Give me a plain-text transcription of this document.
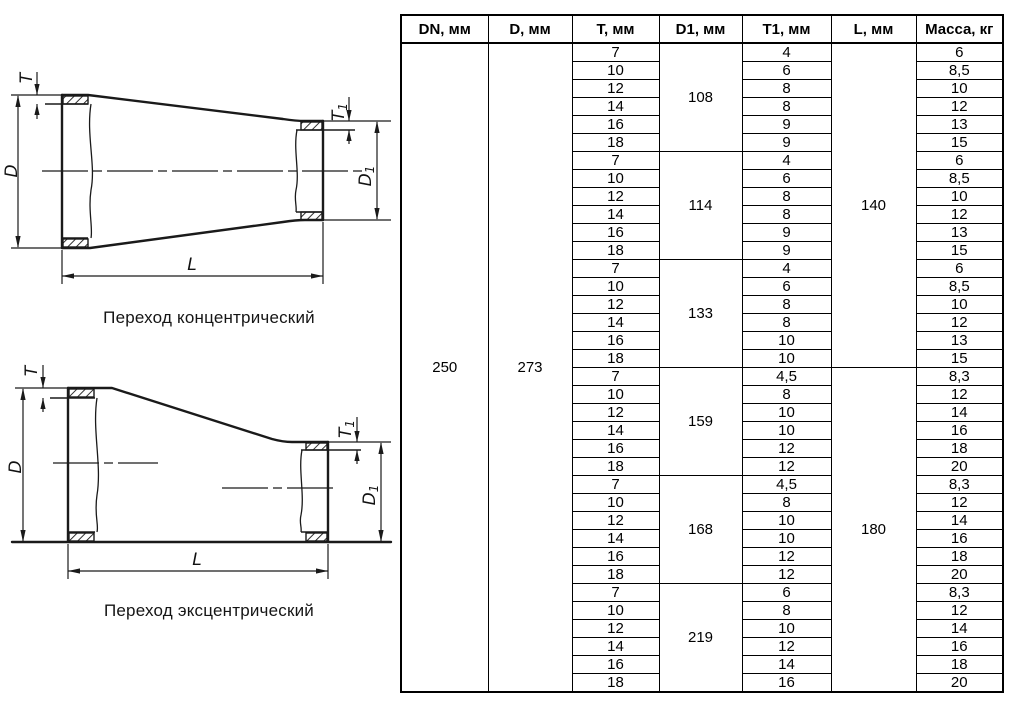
D
T
T1
D1
L
Переход концентрический
D
T
T1
D1
L
Переход эксцентрический
DN, мм	D, мм	T, мм	D1, мм	T1, мм	L, мм	Масса, кг
250	273	7	108	4	140	6
		10		6		8,5
		12		8		10
		14		8		12
		16		9		13
		18		9		15
		7	114	4		6
		10		6		8,5
		12		8		10
		14		8		12
		16		9		13
		18		9		15
		7	133	4		6
		10		6		8,5
		12		8		10
		14		8		12
		16		10		13
		18		10		15
		7	159	4,5	180	8,3
		10		8		12
		12		10		14
		14		10		16
		16		12		18
		18		12		20
		7	168	4,5		8,3
		10		8		12
		12		10		14
		14		10		16
		16		12		18
		18		12		20
		7	219	6		8,3
		10		8		12
		12		10		14
		14		12		16
		16		14		18
		18		16		20
